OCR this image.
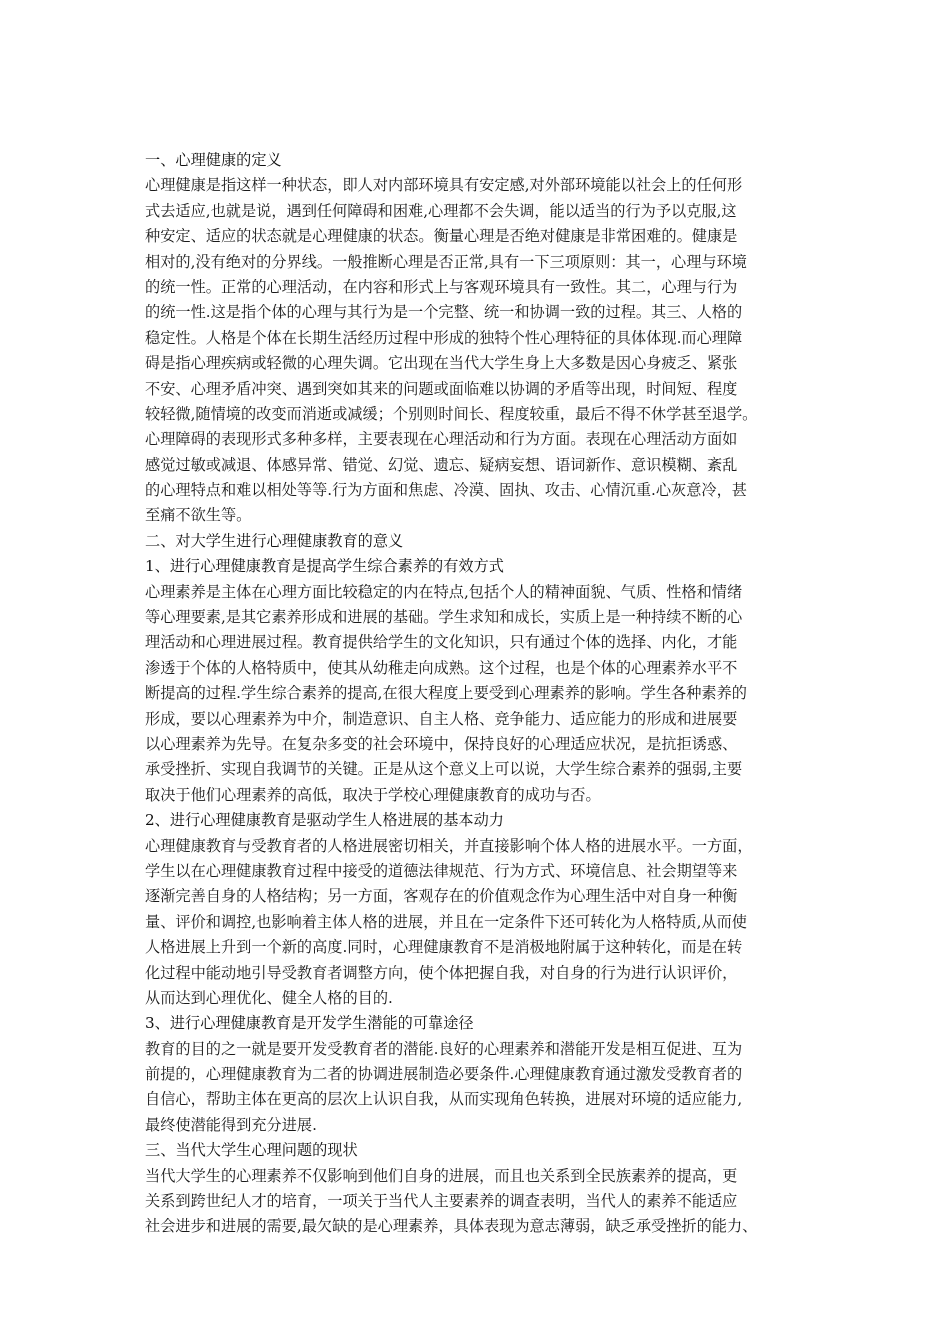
一、心理健康的定义
心理健康是指这样一种状态，即人对内部环境具有安定感,对外部环境能以社会上的任何形
式去适应,也就是说，遇到任何障碍和困难,心理都不会失调，能以适当的行为予以克服,这
种安定、适应的状态就是心理健康的状态。衡量心理是否绝对健康是非常困难的。健康是
相对的,没有绝对的分界线。一般推断心理是否正常,具有一下三项原则：其一，心理与环境
的统一性。正常的心理活动，在内容和形式上与客观环境具有一致性。其二，心理与行为
的统一性.这是指个体的心理与其行为是一个完整、统一和协调一致的过程。其三、人格的
稳定性。人格是个体在长期生活经历过程中形成的独特个性心理特征的具体体现.而心理障
碍是指心理疾病或轻微的心理失调。它出现在当代大学生身上大多数是因心身疲乏、紧张
不安、心理矛盾冲突、遇到突如其来的问题或面临难以协调的矛盾等出现，时间短、程度
较轻微,随情境的改变而消逝或减缓；个别则时间长、程度较重，最后不得不休学甚至退学。
心理障碍的表现形式多种多样，主要表现在心理活动和行为方面。表现在心理活动方面如
感觉过敏或减退、体感异常、错觉、幻觉、遗忘、疑病妄想、语词新作、意识模糊、紊乱
的心理特点和难以相处等等.行为方面和焦虑、冷漠、固执、攻击、心情沉重.心灰意冷，甚
至痛不欲生等。
二、对大学生进行心理健康教育的意义
1、进行心理健康教育是提高学生综合素养的有效方式
心理素养是主体在心理方面比较稳定的内在特点,包括个人的精神面貌、气质、性格和情绪
等心理要素,是其它素养形成和进展的基础。学生求知和成长，实质上是一种持续不断的心
理活动和心理进展过程。教育提供给学生的文化知识，只有通过个体的选择、内化，才能
渗透于个体的人格特质中，使其从幼稚走向成熟。这个过程，也是个体的心理素养水平不
断提高的过程.学生综合素养的提高,在很大程度上要受到心理素养的影响。学生各种素养的
形成，要以心理素养为中介，制造意识、自主人格、竞争能力、适应能力的形成和进展要
以心理素养为先导。在复杂多变的社会环境中，保持良好的心理适应状况，是抗拒诱惑、
承受挫折、实现自我调节的关键。正是从这个意义上可以说，大学生综合素养的强弱,主要
取决于他们心理素养的高低，取决于学校心理健康教育的成功与否。
2、进行心理健康教育是驱动学生人格进展的基本动力
心理健康教育与受教育者的人格进展密切相关，并直接影响个体人格的进展水平。一方面，
学生以在心理健康教育过程中接受的道德法律规范、行为方式、环境信息、社会期望等来
逐渐完善自身的人格结构；另一方面，客观存在的价值观念作为心理生活中对自身一种衡
量、评价和调控,也影响着主体人格的进展，并且在一定条件下还可转化为人格特质,从而使
人格进展上升到一个新的高度.同时，心理健康教育不是消极地附属于这种转化，而是在转
化过程中能动地引导受教育者调整方向，使个体把握自我，对自身的行为进行认识评价，
从而达到心理优化、健全人格的目的.
3、进行心理健康教育是开发学生潜能的可靠途径
教育的目的之一就是要开发受教育者的潜能.良好的心理素养和潜能开发是相互促进、互为
前提的，心理健康教育为二者的协调进展制造必要条件.心理健康教育通过激发受教育者的
自信心，帮助主体在更高的层次上认识自我，从而实现角色转换，进展对环境的适应能力,
最终使潜能得到充分进展.
三、当代大学生心理问题的现状
当代大学生的心理素养不仅影响到他们自身的进展，而且也关系到全民族素养的提高，更
关系到跨世纪人才的培育，一项关于当代人主要素养的调查表明，当代人的素养不能适应
社会进步和进展的需要,最欠缺的是心理素养，具体表现为意志薄弱，缺乏承受挫折的能力、
